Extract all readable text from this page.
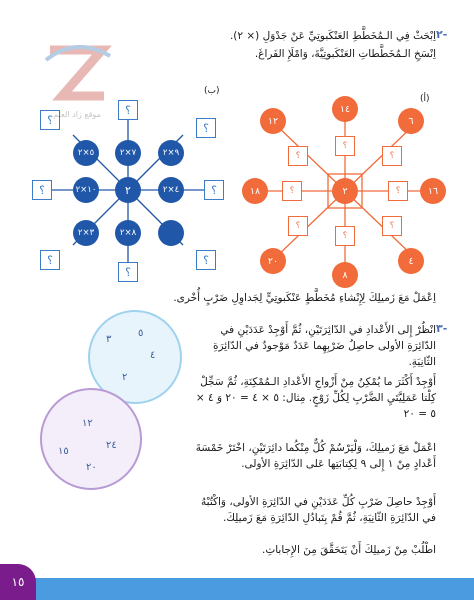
اِبْحَثْ فِي الـمُخَطَّطِ العَنْكَبوتِيِّ عَنْ جَدْوَلِ (× ٢). ٢-
اِنْسَخِ الـمُخَطَّطاتِ العَنْكَبوتِيَّةَ، وَامْلَإِ الفَراغَ.
٢
٩×٢
٤×٢
٨×٢
٣×٢
١٠×٢
٥×٢	٧×٢
؟
؟
؟
؟
؟
؟
؟
؟
(ب)
٢
٦
١٦
٤
٨
٢٠
١٨
١٢
١٤
؟
؟
؟
؟
؟
؟
؟
؟
(أ)
اِعْمَلْ مَعَ زَميلِكَ لِإِنْشاءِ مُخَطَّطٍ عَنْكَبوتِيٍّ لِجَداوِلِ ضَرْبٍ أُخْرى.
٣-
انْظُرْ إِلى الأَعْدادِ في الدّائِرَتَيْنِ، ثُمَّ أَوْجِدْ عَدَدَيْنِ في الدّائِرَةِ الأولى حاصِلُ ضَرْبِهِما عَدَدٌ مَوْجودٌ في الدّائِرَةِ الثّانِيَةِ.
أَوْجِدْ أَكْثَرَ ما يُمْكِنُ مِنْ أَزْواجِ الأَعْدادِ الـمُمْكِنَةِ، ثُمَّ سَجِّلْ كِلْتا عَمَلِيَّتَيِ الضَّرْبِ لِكُلِّ زَوْجٍ. مِثال: ٥ × ٤ = ٢٠ وَ ٤ × ٥ = ٢٠
اعْمَلْ مَعَ زَميلِكَ، وَلْيَرْسُمْ كُلٌّ مِنْكُما دائِرَتَيْنِ، اخْتَرْ خَمْسَةَ أَعْدادٍ مِنْ ١ إِلى ٩ لِكِتابَتِها عَلى الدّائِرَةِ الأولى.
أَوْجِدْ حاصِلَ ضَرْبِ كُلِّ عَدَدَيْنِ في الدّائِرَةِ الأولى، وَاكْتُبْهُ في الدّائِرَةِ الثّانِيَةِ، ثُمَّ قُمْ بِتَبادُلِ الدّائِرَةِ مَعَ زَميلِكَ.
اطْلُبْ مِنْ زَميلِكَ أَنْ يَتَحَقَّقَ مِنَ الإِجاباتِ.
٥
٣
٤
٢
١٢
٢٤
١٥
٢٠
موقع زاد العلم
١٥
